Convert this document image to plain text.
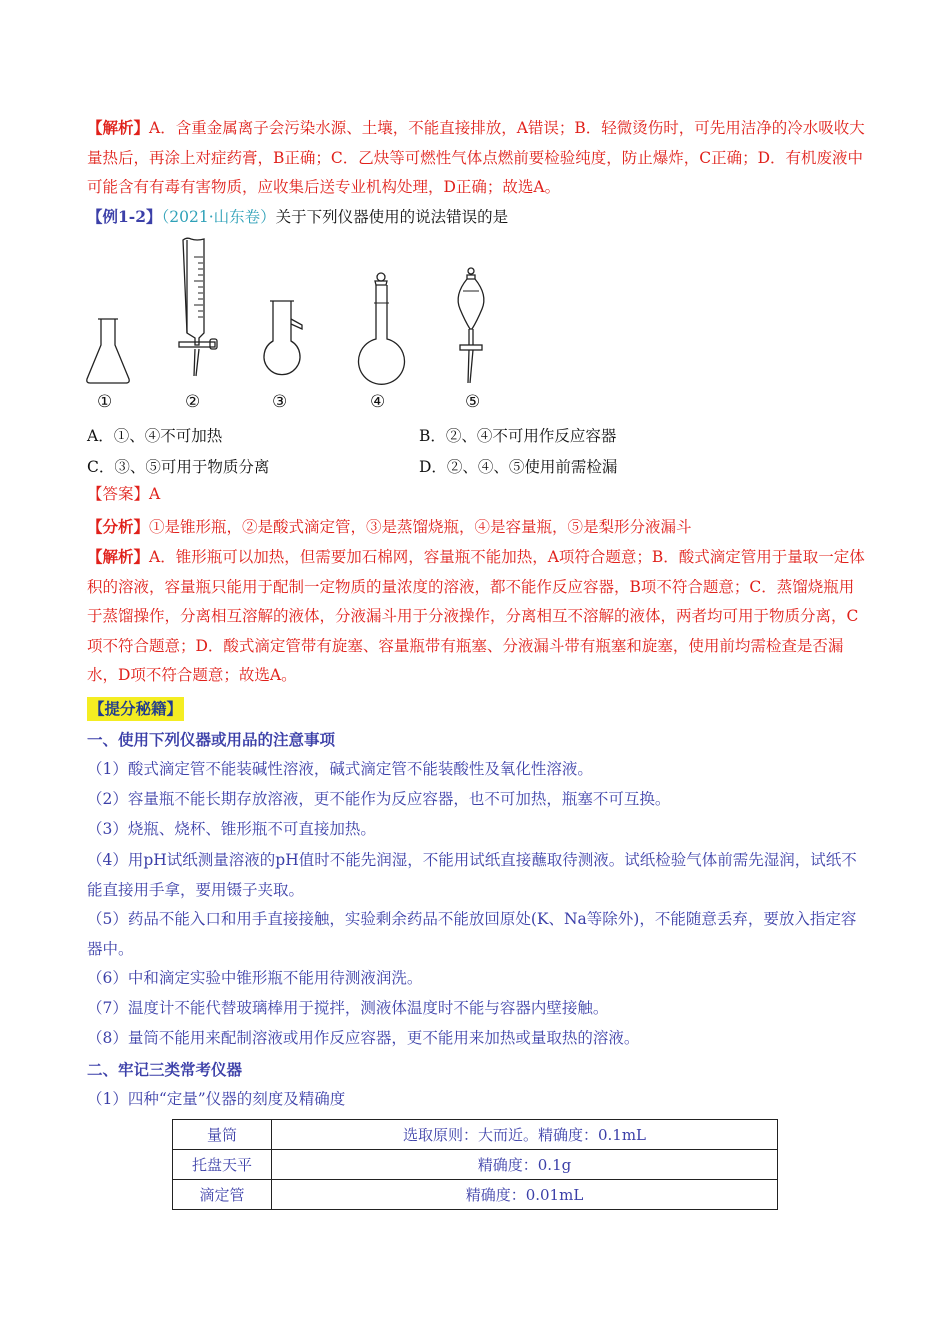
【解析】A．含重金属离子会污染水源、土壤，不能直接排放，A错误；B．轻微烫伤时，可先用洁净的冷水吸收大量热后，再涂上对症药膏，B正确；C．乙炔等可燃性气体点燃前要检验纯度，防止爆炸，C正确；D．有机废液中可能含有有毒有害物质，应收集后送专业机构处理，D正确；故选A。

【例1-2】（2021·山东卷）关于下列仪器使用的说法错误的是

①	②	③	④	⑤
A．①、④不可加热	B．②、④不可用作反应容器
C．③、⑤可用于物质分离	D．②、④、⑤使用前需检漏

【答案】A

【分析】①是锥形瓶，②是酸式滴定管，③是蒸馏烧瓶，④是容量瓶，⑤是梨形分液漏斗

【解析】A．锥形瓶可以加热，但需要加石棉网，容量瓶不能加热，A项符合题意；B．酸式滴定管用于量取一定体积的溶液，容量瓶只能用于配制一定物质的量浓度的溶液，都不能作反应容器，B项不符合题意；C．蒸馏烧瓶用于蒸馏操作，分离相互溶解的液体，分液漏斗用于分液操作，分离相互不溶解的液体，两者均可用于物质分离，C项不符合题意；D．酸式滴定管带有旋塞、容量瓶带有瓶塞、分液漏斗带有瓶塞和旋塞，使用前均需检查是否漏水，D项不符合题意；故选A。

【提分秘籍】

一、使用下列仪器或用品的注意事项

（1）酸式滴定管不能装碱性溶液，碱式滴定管不能装酸性及氧化性溶液。

（2）容量瓶不能长期存放溶液，更不能作为反应容器，也不可加热，瓶塞不可互换。

（3）烧瓶、烧杯、锥形瓶不可直接加热。

（4）用pH试纸测量溶液的pH值时不能先润湿，不能用试纸直接蘸取待测液。试纸检验气体前需先湿润，试纸不能直接用手拿，要用镊子夹取。

（5）药品不能入口和用手直接接触，实验剩余药品不能放回原处(K、Na等除外)，不能随意丢弃，要放入指定容器中。

（6）中和滴定实验中锥形瓶不能用待测液润洗。

（7）温度计不能代替玻璃棒用于搅拌，测液体温度时不能与容器内壁接触。

（8）量筒不能用来配制溶液或用作反应容器，更不能用来加热或量取热的溶液。

二、牢记三类常考仪器

（1）四种“定量”仪器的刻度及精确度

量筒	选取原则：大而近。精确度：0.1mL
托盘天平	精确度：0.1g
滴定管	精确度：0.01mL
